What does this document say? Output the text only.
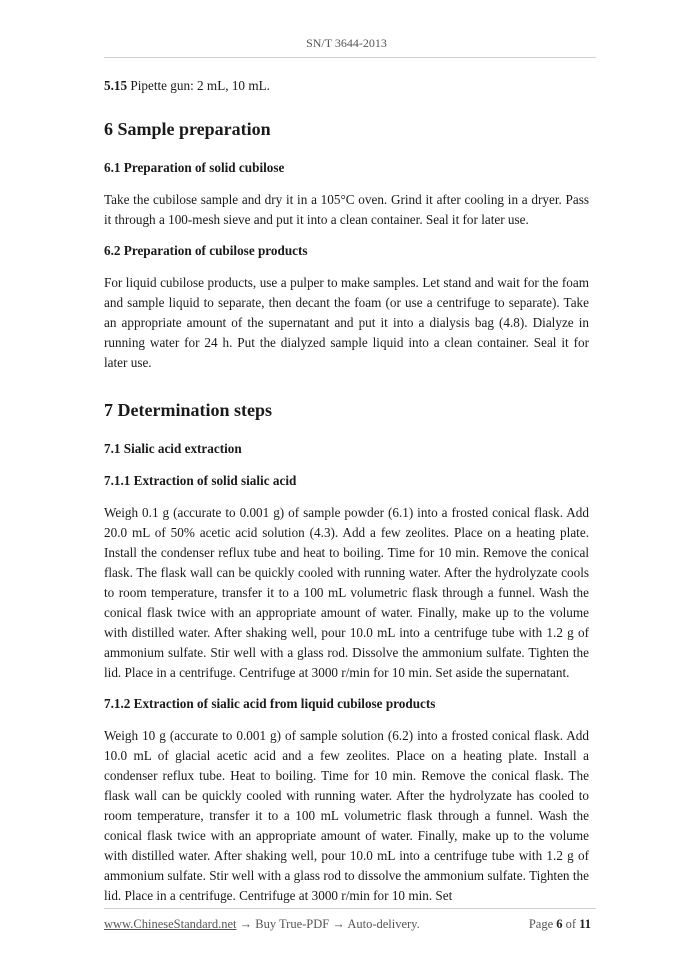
SN/T 3644-2013

5.15 Pipette gun: 2 mL, 10 mL.

6 Sample preparation
6.1 Preparation of solid cubilose

Take the cubilose sample and dry it in a 105°C oven. Grind it after cooling in a dryer. Pass it through a 100-mesh sieve and put it into a clean container. Seal it for later use.

6.2 Preparation of cubilose products

For liquid cubilose products, use a pulper to make samples. Let stand and wait for the foam and sample liquid to separate, then decant the foam (or use a centrifuge to separate). Take an appropriate amount of the supernatant and put it into a dialysis bag (4.8). Dialyze in running water for 24 h. Put the dialyzed sample liquid into a clean container. Seal it for later use.

7 Determination steps
7.1 Sialic acid extraction
7.1.1 Extraction of solid sialic acid

Weigh 0.1 g (accurate to 0.001 g) of sample powder (6.1) into a frosted conical flask. Add 20.0 mL of 50% acetic acid solution (4.3). Add a few zeolites. Place on a heating plate. Install the condenser reflux tube and heat to boiling. Time for 10 min. Remove the conical flask. The flask wall can be quickly cooled with running water. After the hydrolyzate cools to room temperature, transfer it to a 100 mL volumetric flask through a funnel. Wash the conical flask twice with an appropriate amount of water. Finally, make up to the volume with distilled water. After shaking well, pour 10.0 mL into a centrifuge tube with 1.2 g of ammonium sulfate. Stir well with a glass rod. Dissolve the ammonium sulfate. Tighten the lid. Place in a centrifuge. Centrifuge at 3000 r/min for 10 min. Set aside the supernatant.

7.1.2 Extraction of sialic acid from liquid cubilose products

Weigh 10 g (accurate to 0.001 g) of sample solution (6.2) into a frosted conical flask. Add 10.0 mL of glacial acetic acid and a few zeolites. Place on a heating plate. Install a condenser reflux tube. Heat to boiling. Time for 10 min. Remove the conical flask. The flask wall can be quickly cooled with running water. After the hydrolyzate has cooled to room temperature, transfer it to a 100 mL volumetric flask through a funnel. Wash the conical flask twice with an appropriate amount of water. Finally, make up to the volume with distilled water. After shaking well, pour 10.0 mL into a centrifuge tube with 1.2 g of ammonium sulfate. Stir well with a glass rod to dissolve the ammonium sulfate. Tighten the lid. Place in a centrifuge. Centrifuge at 3000 r/min for 10 min. Set

www.ChineseStandard.net → Buy True-PDF → Auto-delivery.	Page 6 of 11
